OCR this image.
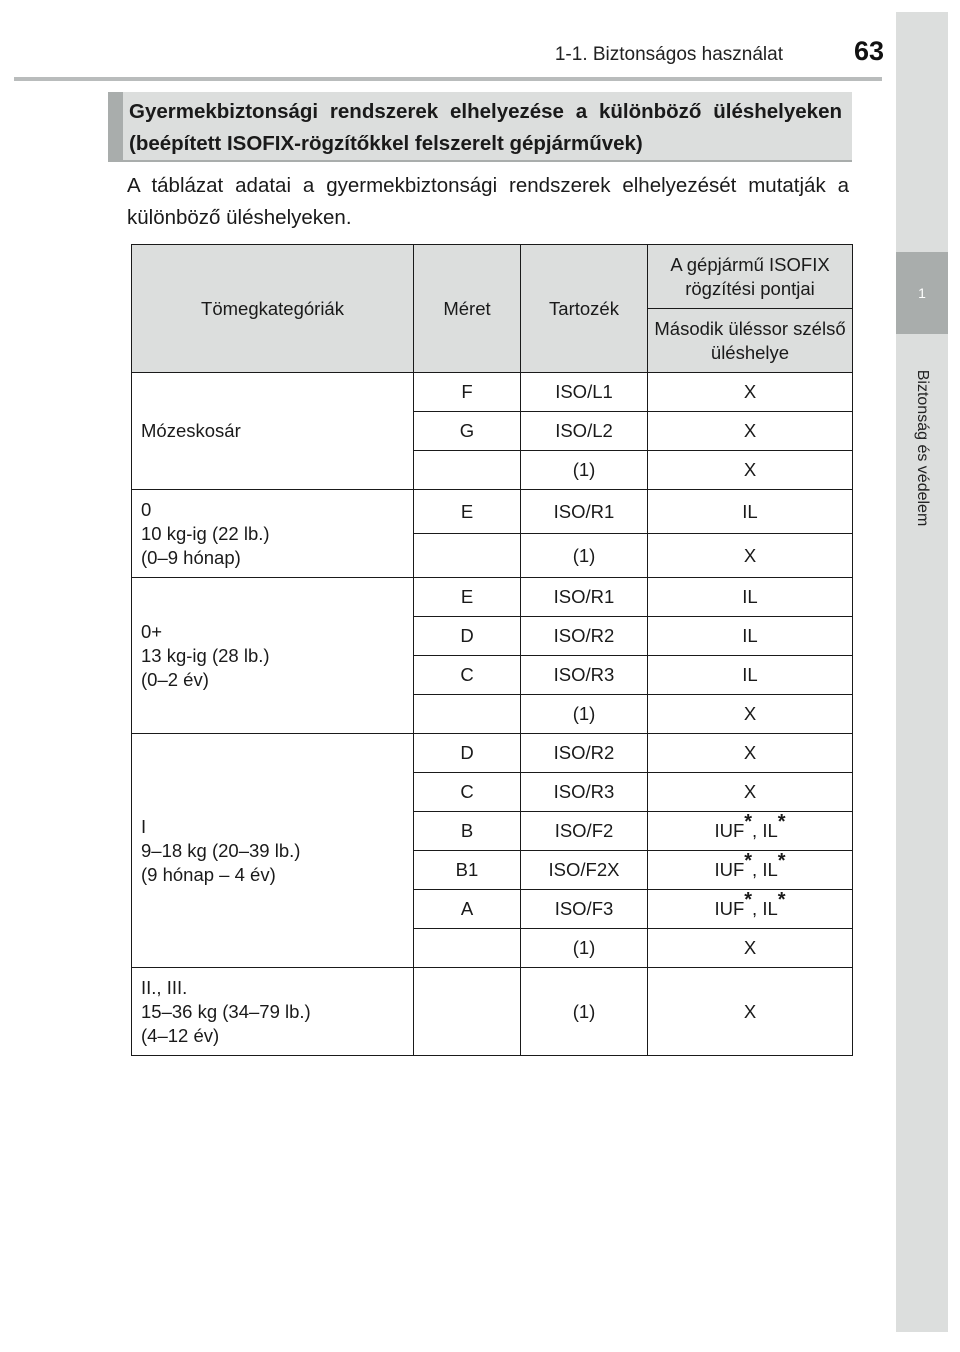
1-1. Biztonságos használat	63
1
Biztonság és védelem
Gyermekbiztonsági rendszerek elhelyezése a különböző üléshelyeken (beépített ISOFIX-rögzítőkkel felszerelt gépjárművek)
A táblázat adatai a gyermekbiztonsági rendszerek elhelyezését mutatják a különböző üléshelyeken.
Tömegkategóriák	Méret	Tartozék	A gépjármű ISOFIX rögzítési pontjai
			Második üléssor szélső üléshelye

Mózeskosár	F	ISO/L1	X
	G	ISO/L2	X
		(1)	X

0
10 kg-ig (22 lb.)
(0–9 hónap)	E	ISO/R1	IL
		(1)	X

0+
13 kg-ig (28 lb.)
(0–2 év)	E	ISO/R1	IL
	D	ISO/R2	IL
	C	ISO/R3	IL
		(1)	X

I
9–18 kg (20–39 lb.)
(9 hónap – 4 év)	D	ISO/R2	X
	C	ISO/R3	X
	B	ISO/F2	IUF*, IL*
	B1	ISO/F2X	IUF*, IL*
	A	ISO/F3	IUF*, IL*
		(1)	X

II., III.
15–36 kg (34–79 lb.)
(4–12 év)		(1)	X
